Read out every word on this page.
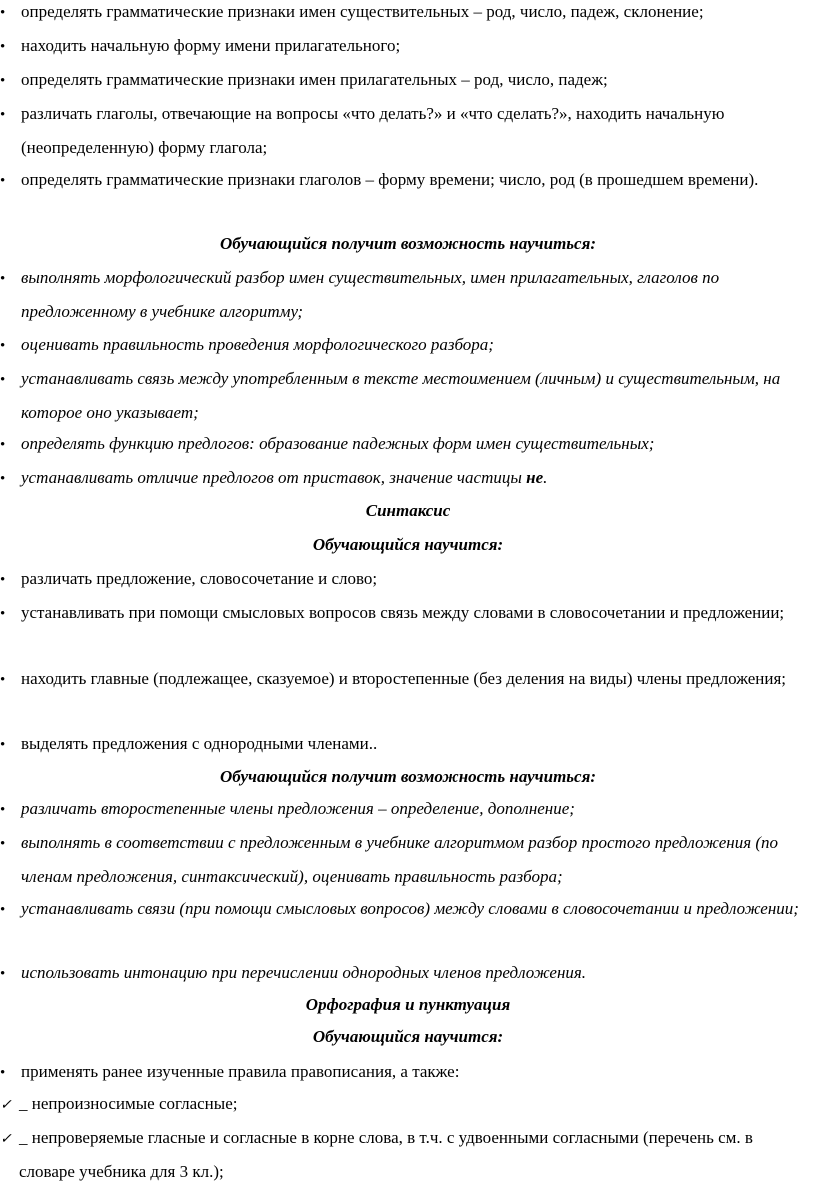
•
определять грамматические признаки имен существительных – род, число, падеж, склонение;
•
находить начальную форму имени прилагательного;
•
определять грамматические признаки имен прилагательных – род, число, падеж;
•
различать глаголы, отвечающие на вопросы «что делать?» и «что сделать?», находить начальную (неопределенную) форму глагола;
•
определять грамматические признаки глаголов – форму времени; число, род (в прошедшем времени).
Обучающийся получит возможность научиться:
•
выполнять морфологический разбор имен существительных, имен прилагательных, глаголов по предложенному в учебнике алгоритму;
•
оценивать правильность проведения морфологического разбора;
•
устанавливать связь между употребленным в тексте местоимением (личным) и существительным, на которое оно указывает;
•
определять функцию предлогов: образование падежных форм имен существительных;
•
устанавливать отличие предлогов от приставок, значение частицы не.
Синтаксис
Обучающийся научится:
•
различать предложение, словосочетание и слово;
•
устанавливать при помощи смысловых вопросов связь между словами в словосочетании и предложении;
•
находить главные (подлежащее, сказуемое) и второстепенные (без деления на виды) члены предложения;
•
выделять предложения с однородными членами..
Обучающийся получит возможность научиться:
•
различать второстепенные члены предложения – определение, дополнение;
•
выполнять в соответствии с предложенным в учебнике алгоритмом разбор простого предложения (по членам предложения, синтаксический), оценивать правильность разбора;
•
устанавливать связи (при помощи смысловых вопросов) между словами в словосочетании и предложении;
•
использовать интонацию при перечислении однородных членов предложения.
Орфография и пунктуация
Обучающийся научится:
•
применять ранее изученные правила правописания, а также:
✓
_ непроизносимые согласные;
✓
_ непроверяемые гласные и согласные в корне слова, в т.ч. с удвоенными согласными (перечень см. в словаре учебника для 3 кл.);
